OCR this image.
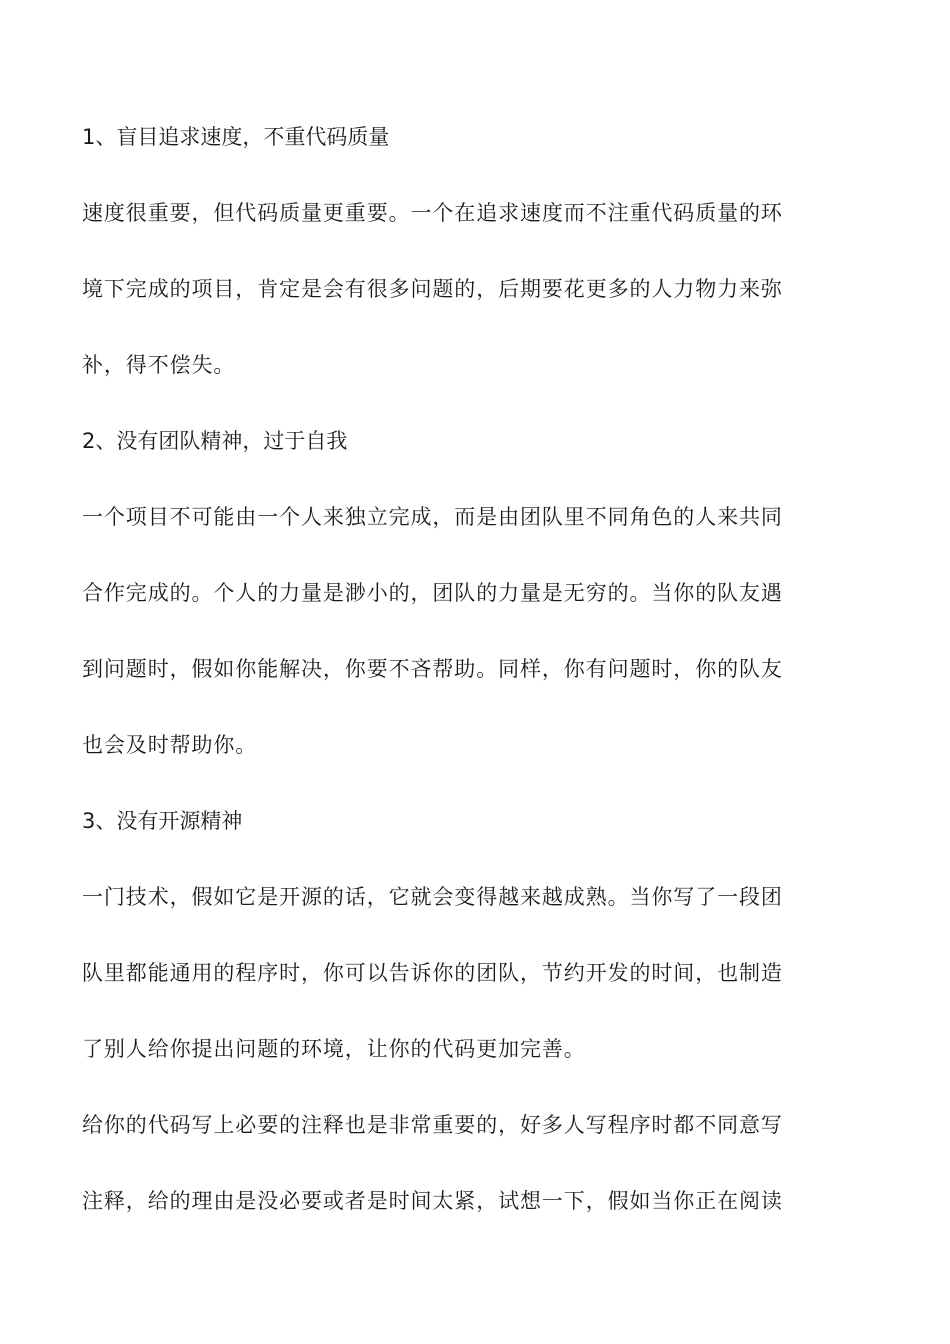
1、盲目追求速度，不重代码质量
速度很重要，但代码质量更重要。一个在追求速度而不注重代码质量的环
境下完成的项目，肯定是会有很多问题的，后期要花更多的人力物力来弥
补，得不偿失。
2、没有团队精神，过于自我
一个项目不可能由一个人来独立完成，而是由团队里不同角色的人来共同
合作完成的。个人的力量是渺小的，团队的力量是无穷的。当你的队友遇
到问题时，假如你能解决，你要不吝帮助。同样，你有问题时，你的队友
也会及时帮助你。
3、没有开源精神
一门技术，假如它是开源的话，它就会变得越来越成熟。当你写了一段团
队里都能通用的程序时，你可以告诉你的团队，节约开发的时间，也制造
了别人给你提出问题的环境，让你的代码更加完善。
给你的代码写上必要的注释也是非常重要的，好多人写程序时都不同意写
注释，给的理由是没必要或者是时间太紧，试想一下，假如当你正在阅读
